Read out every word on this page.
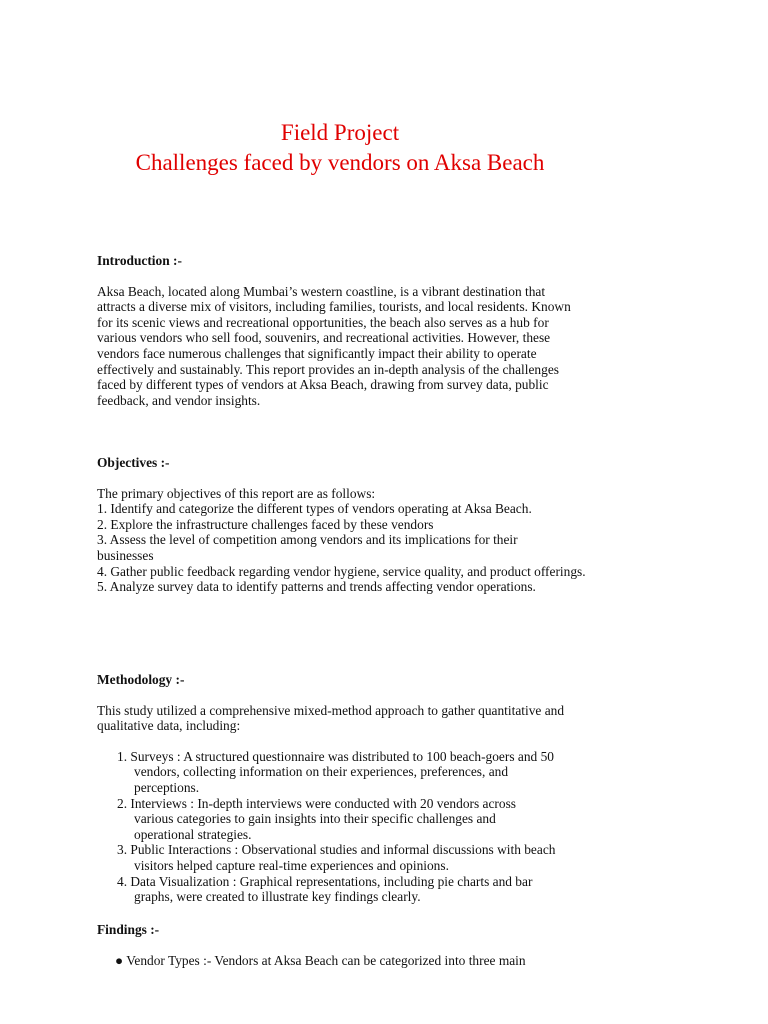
Field Project
Challenges faced by vendors on Aksa Beach

Introduction :-

Aksa Beach, located along Mumbai’s western coastline, is a vibrant destination that attracts a diverse mix of visitors, including families, tourists, and local residents. Known for its scenic views and recreational opportunities, the beach also serves as a hub for various vendors who sell food, souvenirs, and recreational activities. However, these vendors face numerous challenges that significantly impact their ability to operate effectively and sustainably. This report provides an in-depth analysis of the challenges faced by different types of vendors at Aksa Beach, drawing from survey data, public feedback, and vendor insights.

Objectives :-

The primary objectives of this report are as follows:

1. Identify and categorize the different types of vendors operating at Aksa Beach.

2. Explore the infrastructure challenges faced by these vendors

3. Assess the level of competition among vendors and its implications for their businesses

4. Gather public feedback regarding vendor hygiene, service quality, and product offerings.

5. Analyze survey data to identify patterns and trends affecting vendor operations.

Methodology :-

This study utilized a comprehensive mixed-method approach to gather quantitative and qualitative data, including:

1. Surveys : A structured questionnaire was distributed to 100 beach-goers and 50 vendors, collecting information on their experiences, preferences, and perceptions.
2. Interviews : In-depth interviews were conducted with 20 vendors across various categories to gain insights into their specific challenges and operational strategies.
3. Public Interactions : Observational studies and informal discussions with beach visitors helped capture real-time experiences and opinions.
4. Data Visualization : Graphical representations, including pie charts and bar graphs, were created to illustrate key findings clearly.

Findings :-

● Vendor Types :- Vendors at Aksa Beach can be categorized into three main
